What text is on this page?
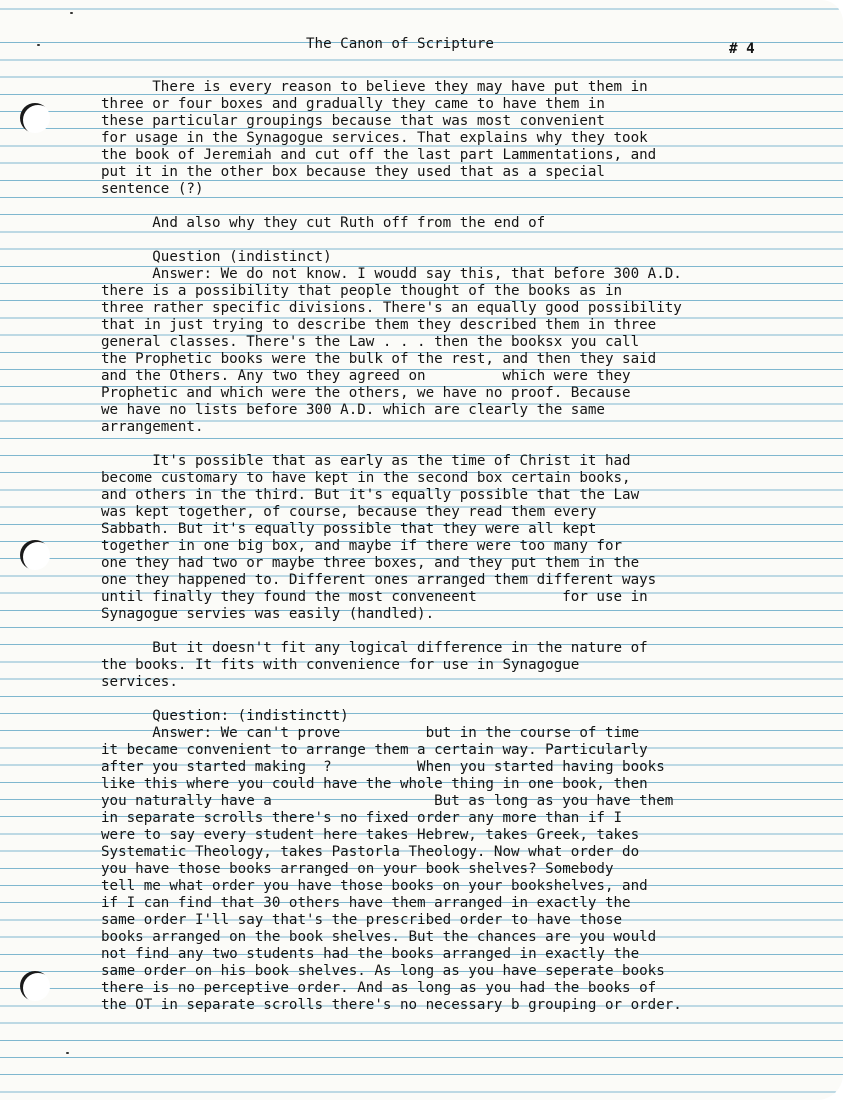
The Canon of Scripture	# 4
There is every reason to believe they may have put them in
three or four boxes and gradually they came to have them in
these particular groupings because that was most convenient
for usage in the Synagogue services. That explains why they took
the book of Jeremiah and cut off the last part Lammentations, and
put it in the other box because they used that as a special
sentence (?)
And also why they cut Ruth off from the end of
Question (indistinct)
Answer: We do not know. I woudd say this, that before 300 A.D.
there is a possibility that people thought of the books as in
three rather specific divisions. There's an equally good possibility
that in just trying to describe them they described them in three
general classes. There's the Law . . . then the booksx you call
the Prophetic books were the bulk of the rest, and then they said
and the Others. Any two they agreed on         which were they
Prophetic and which were the others, we have no proof. Because
we have no lists before 300 A.D. which are clearly the same
arrangement.
It's possible that as early as the time of Christ it had
become customary to have kept in the second box certain books,
and others in the third. But it's equally possible that the Law
was kept together, of course, because they read them every
Sabbath. But it's equally possible that they were all kept
together in one big box, and maybe if there were too many for
one they had two or maybe three boxes, and they put them in the
one they happened to. Different ones arranged them different ways
until finally they found the most conveneent          for use in
Synagogue servies was easily (handled).
But it doesn't fit any logical difference in the nature of
the books. It fits with convenience for use in Synagogue
services.
Question: (indistinctt)
Answer: We can't prove          but in the course of time
it became convenient to arrange them a certain way. Particularly
after you started making  ?          When you started having books
like this where you could have the whole thing in one book, then
you naturally have a                   But as long as you have them
in separate scrolls there's no fixed order any more than if I
were to say every student here takes Hebrew, takes Greek, takes
Systematic Theology, takes Pastorla Theology. Now what order do
you have those books arranged on your book shelves? Somebody
tell me what order you have those books on your bookshelves, and
if I can find that 30 others have them arranged in exactly the
same order I'll say that's the prescribed order to have those
books arranged on the book shelves. But the chances are you would
not find any two students had the books arranged in exactly the
same order on his book shelves. As long as you have seperate books
there is no perceptive order. And as long as you had the books of
the OT in separate scrolls there's no necessary b grouping or order.
